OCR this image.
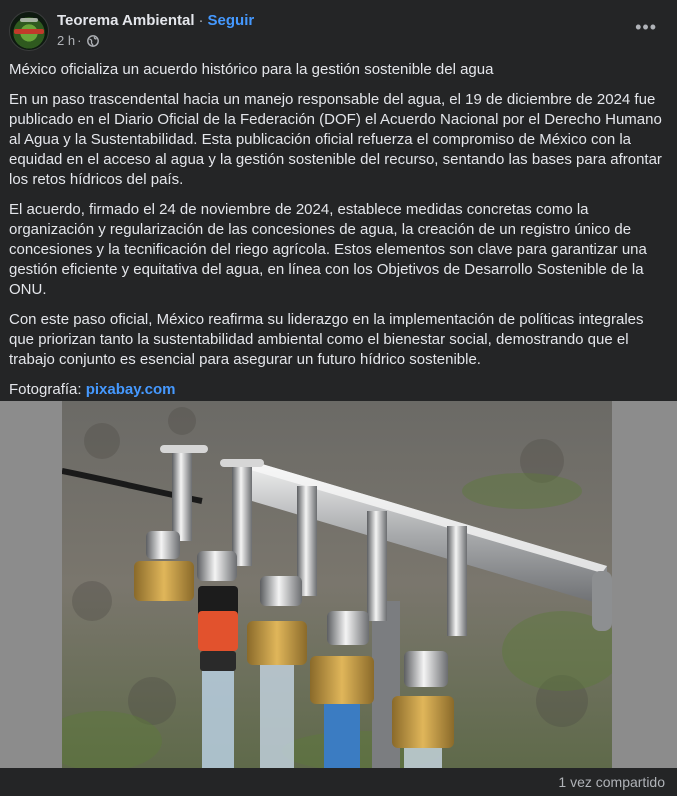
Teorema Ambiental · Seguir
2 h ·
•••

México oficializa un acuerdo histórico para la gestión sostenible del agua

En un paso trascendental hacia un manejo responsable del agua, el 19 de diciembre de 2024 fue publicado en el Diario Oficial de la Federación (DOF) el Acuerdo Nacional por el Derecho Humano al Agua y la Sustentabilidad. Esta publicación oficial refuerza el compromiso de México con la equidad en el acceso al agua y la gestión sostenible del recurso, sentando las bases para afrontar los retos hídricos del país.

El acuerdo, firmado el 24 de noviembre de 2024, establece medidas concretas como la organización y regularización de las concesiones de agua, la creación de un registro único de concesiones y la tecnificación del riego agrícola. Estos elementos son clave para garantizar una gestión eficiente y equitativa del agua, en línea con los Objetivos de Desarrollo Sostenible de la ONU.

Con este paso oficial, México reafirma su liderazgo en la implementación de políticas integrales que priorizan tanto la sustentabilidad ambiental como el bienestar social, demostrando que el trabajo conjunto es esencial para asegurar un futuro hídrico sostenible.

Fotografía: pixabay.com

1 vez compartido
